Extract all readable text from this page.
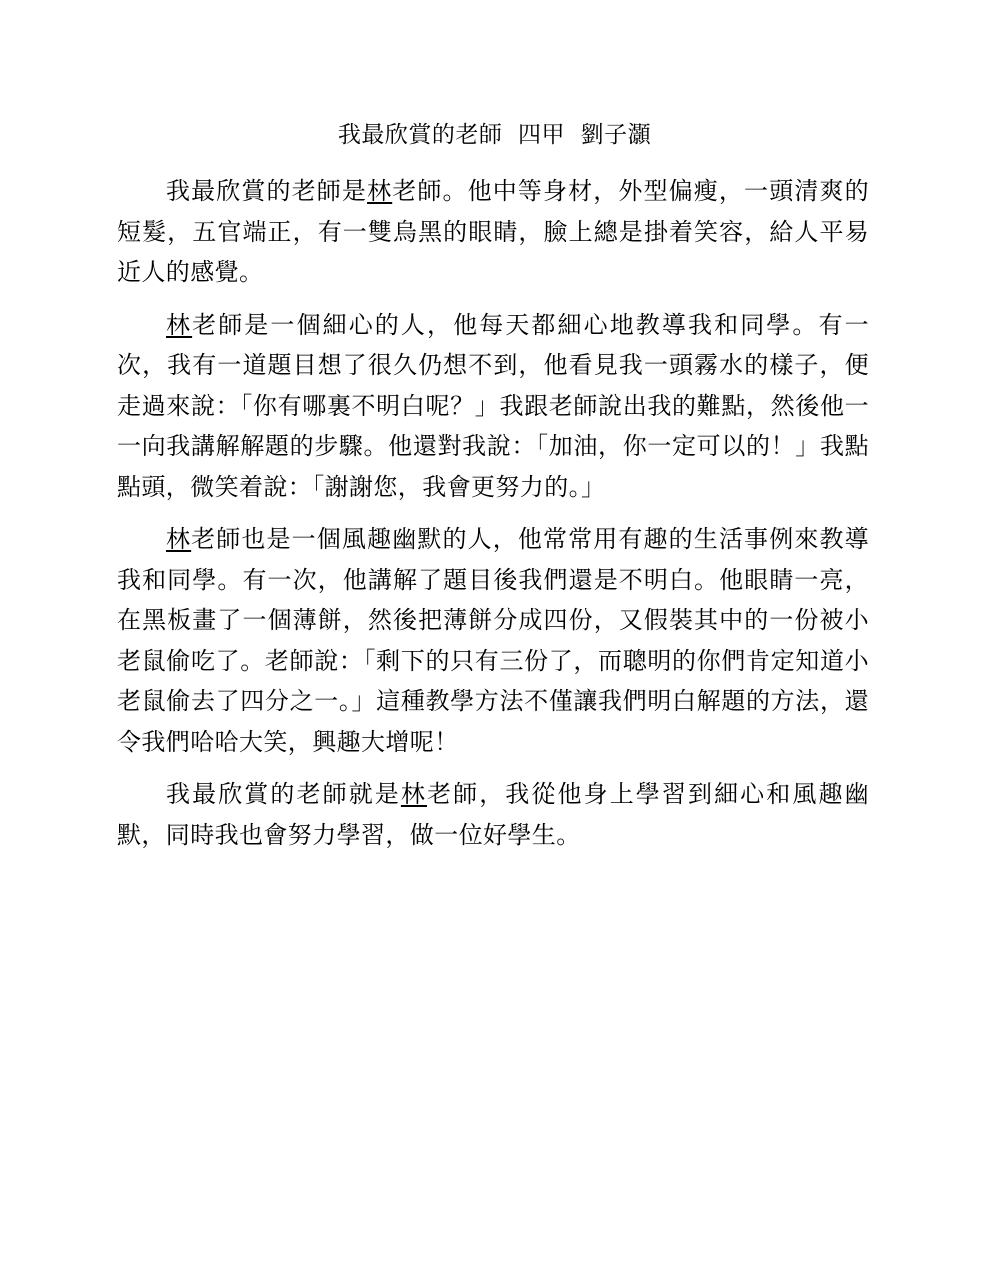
我最欣賞的老師  四甲  劉子灝

我最欣賞的老師是林老師。他中等身材，外型偏瘦，一頭清爽的短髮，五官端正，有一雙烏黑的眼睛，臉上總是掛着笑容，給人平易近人的感覺。

林老師是一個細心的人，他每天都細心地教導我和同學。有一次，我有一道題目想了很久仍想不到，他看見我一頭霧水的樣子，便走過來說：「你有哪裏不明白呢？」我跟老師說出我的難點，然後他一一向我講解解題的步驟。他還對我說：「加油，你一定可以的！」我點點頭，微笑着說：「謝謝您，我會更努力的。」

林老師也是一個風趣幽默的人，他常常用有趣的生活事例來教導我和同學。有一次，他講解了題目後我們還是不明白。他眼睛一亮，在黑板畫了一個薄餅，然後把薄餅分成四份，又假裝其中的一份被小老鼠偷吃了。老師說：「剩下的只有三份了，而聰明的你們肯定知道小老鼠偷去了四分之一。」這種教學方法不僅讓我們明白解題的方法，還令我們哈哈大笑，興趣大增呢！

我最欣賞的老師就是林老師，我從他身上學習到細心和風趣幽默，同時我也會努力學習，做一位好學生。
